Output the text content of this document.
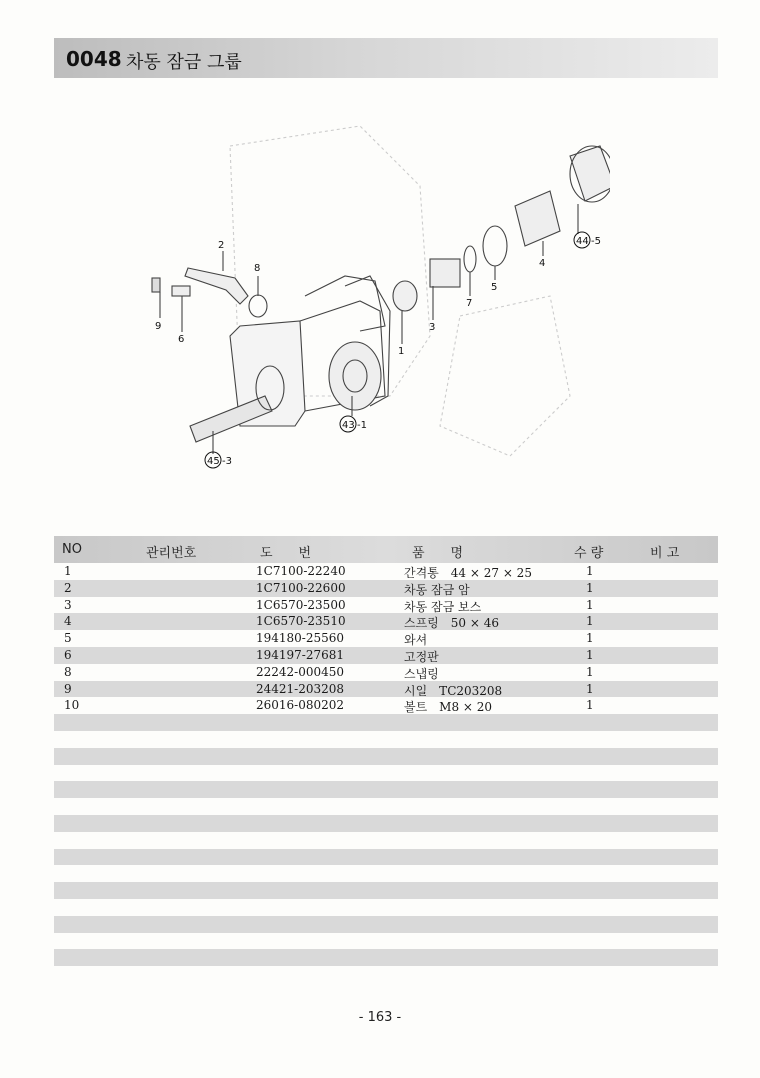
0048 차동 잠금 그룹
2
8
9
6
1
3
7
5
4
44 -5
43 -1
45 -3
NO	관리번호	도　　번	품　　명	수 량	비 고
1	1C7100-22240	간격통　44 × 27 × 25	1
2	1C7100-22600	차동 잠금 암	1
3	1C6570-23500	차동 잠금 보스	1
4	1C6570-23510	스프링　50 × 46	1
5	194180-25560	와셔	1
6	194197-27681	고정판	1
8	22242-000450	스냅링	1
9	24421-203208	시일　TC203208	1
10	26016-080202	볼트　M8 × 20	1
- 163 -
